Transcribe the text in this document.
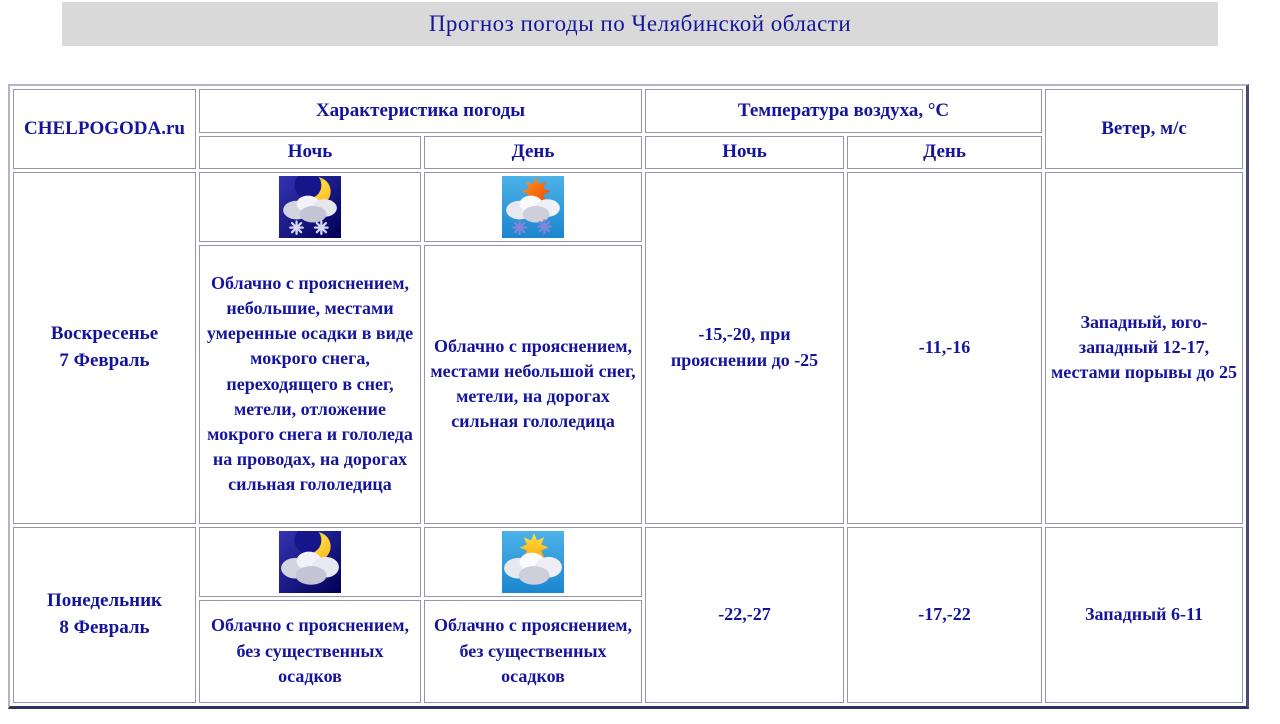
Прогноз погоды по Челябинской области
CHELPOGODA.ru	Характеристика погоды		Температура воздуха, °С		Ветер, м/с
	Ночь	День	Ночь	День	

Воскресенье
7 Февраль	Облачно с прояснением, небольшие, местами умеренные осадки в виде мокрого снега, переходящего в снег, метели, отложение мокрого снега и гололеда на проводах, на дорогах сильная гололедица	Облачно с прояснением, местами небольшой снег, метели, на дорогах сильная гололедица	-15,-20, при прояснении до -25	-11,-16	Западный, юго-западный 12-17, местами порывы до 25

Понедельник
8 Февраль	Облачно с прояснением, без существенных осадков	Облачно с прояснением, без существенных осадков	-22,-27	-17,-22	Западный 6-11
